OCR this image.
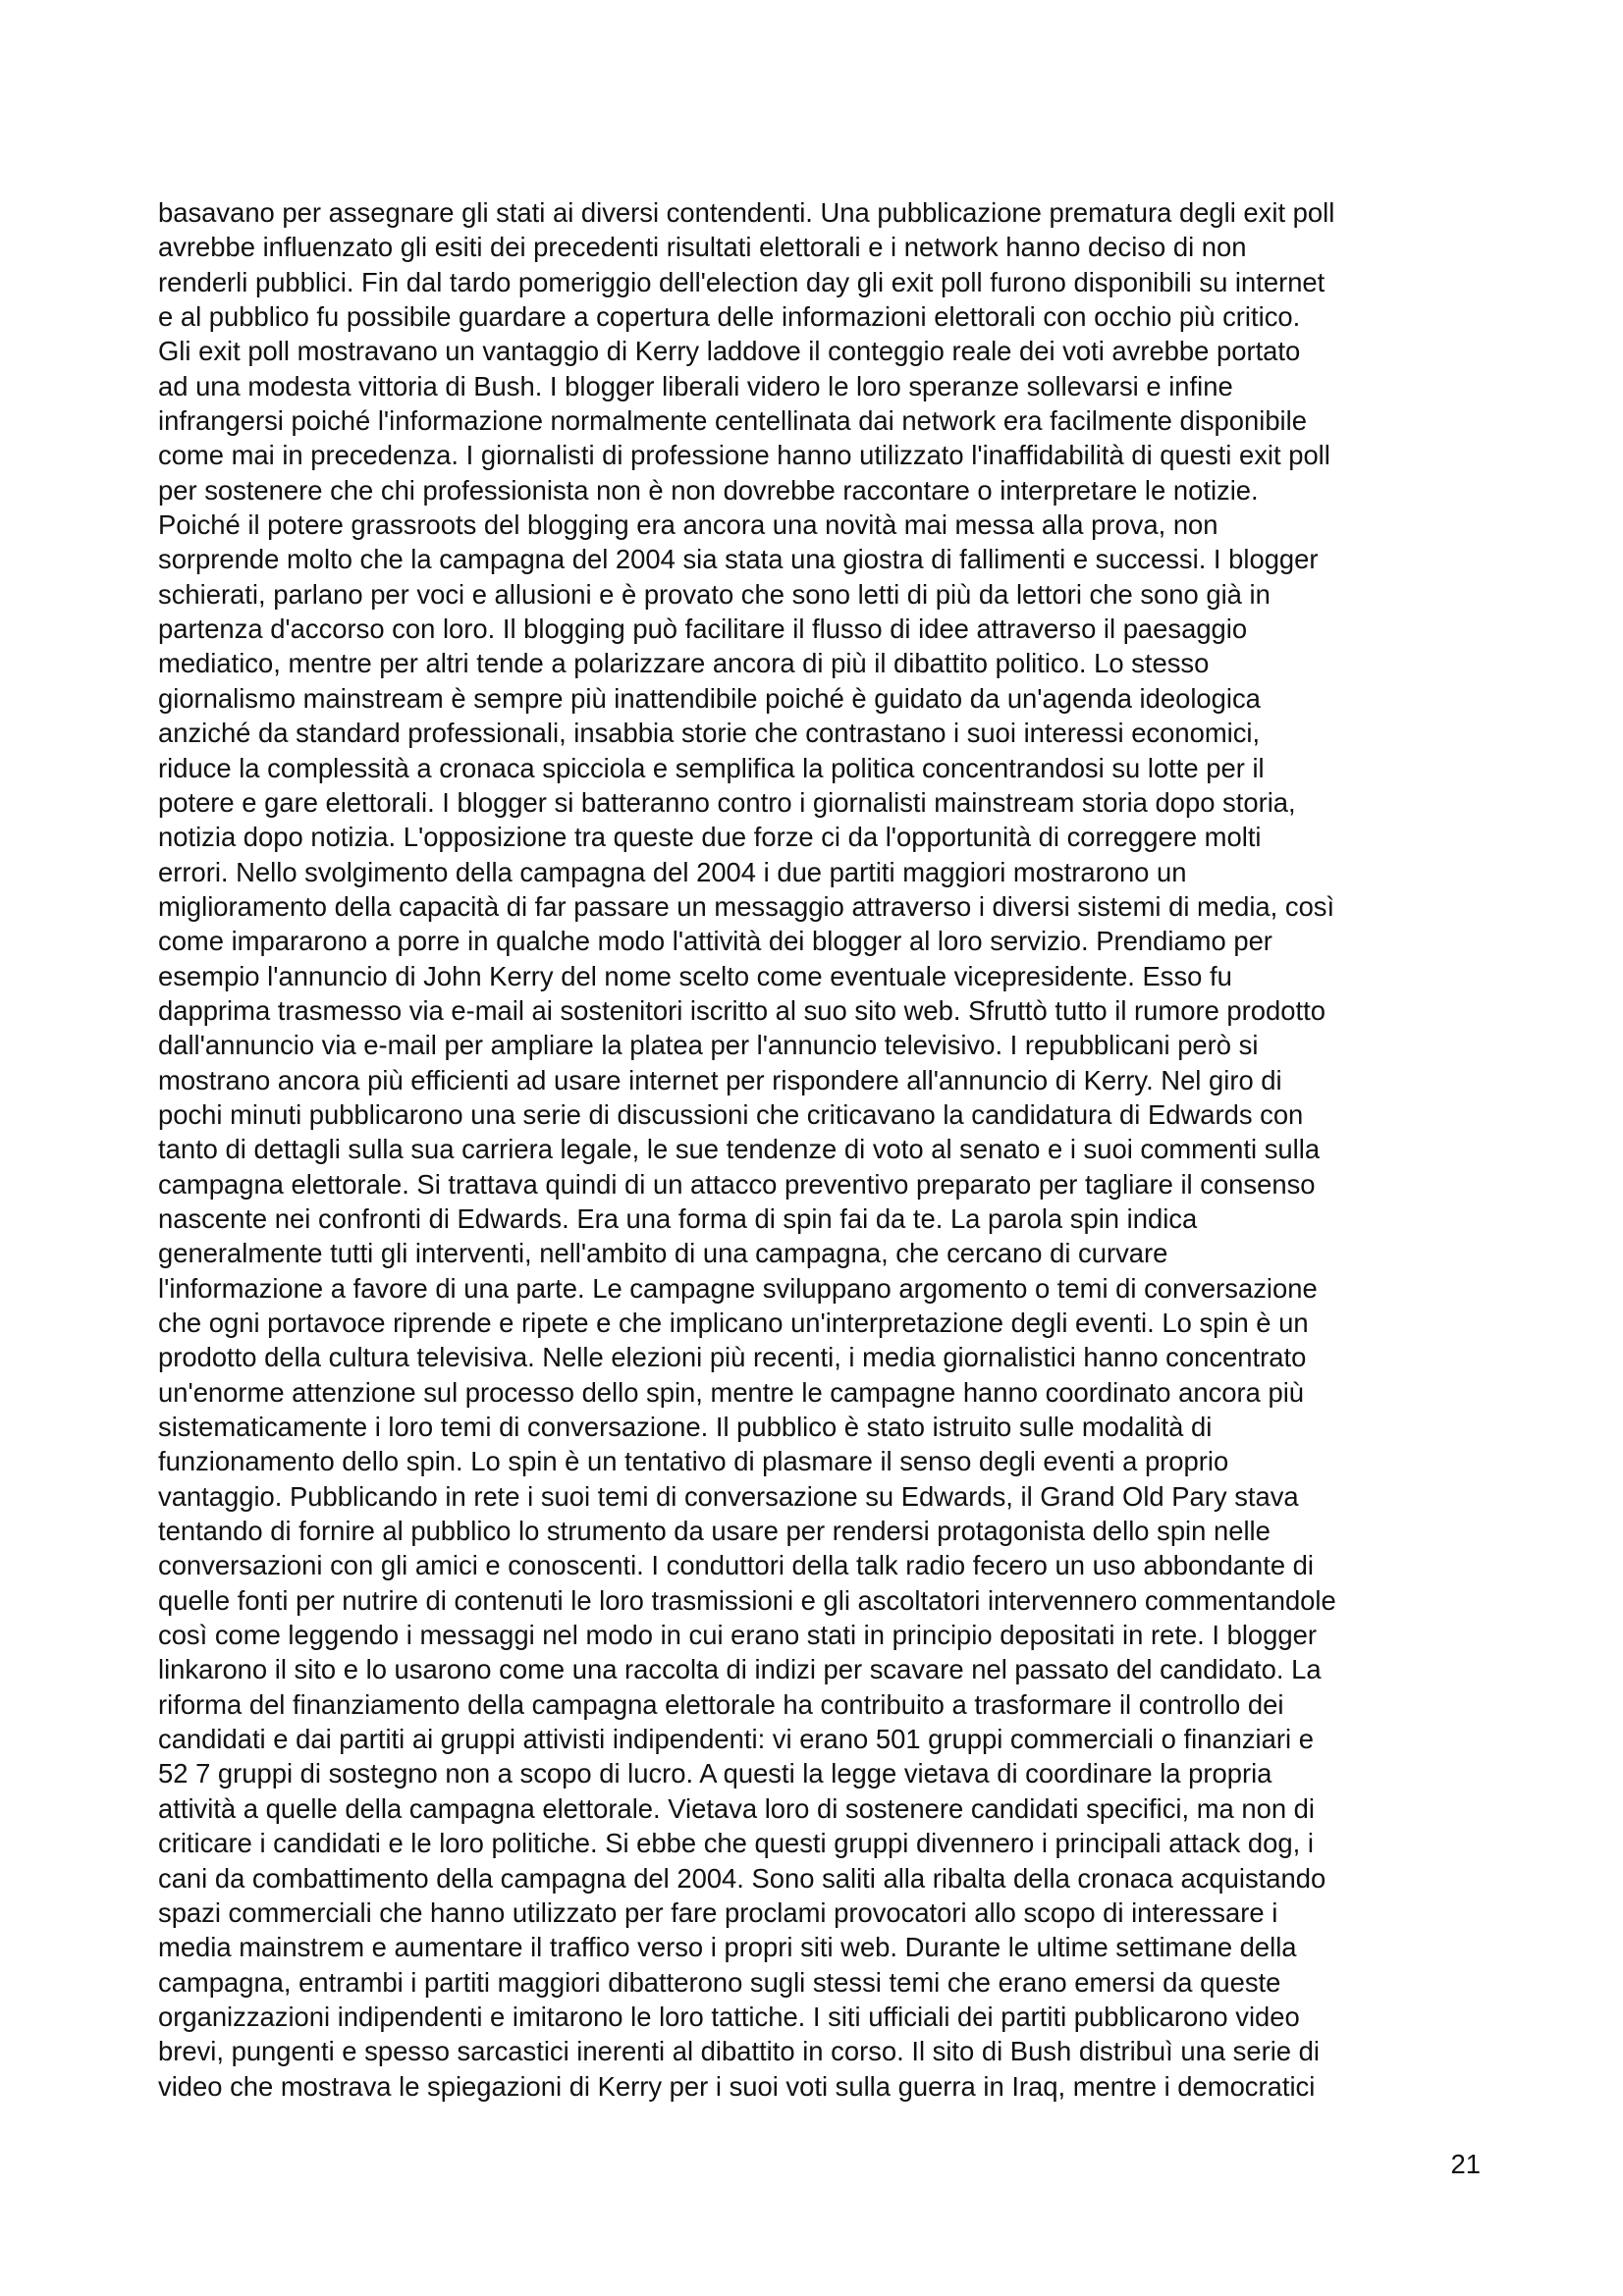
basavano per assegnare gli stati ai diversi contendenti. Una pubblicazione prematura degli exit poll
avrebbe influenzato gli esiti dei precedenti risultati elettorali e i network hanno deciso di non
renderli pubblici. Fin dal tardo pomeriggio dell'election day gli exit poll furono disponibili su internet
e al pubblico fu possibile guardare a copertura delle informazioni elettorali con occhio più critico.
Gli exit poll mostravano un vantaggio di Kerry laddove il conteggio reale dei voti avrebbe portato
ad una modesta vittoria di Bush. I blogger liberali videro le loro speranze sollevarsi e infine
infrangersi poiché l'informazione normalmente centellinata dai network era facilmente disponibile
come mai in precedenza. I giornalisti di professione hanno utilizzato l'inaffidabilità di questi exit poll
per sostenere che chi professionista non è non dovrebbe raccontare o interpretare le notizie.
Poiché il potere grassroots del blogging era ancora una novità mai messa alla prova, non
sorprende molto che la campagna del 2004 sia stata una giostra di fallimenti e successi. I blogger
schierati, parlano per voci e allusioni e è provato che sono letti di più da lettori che sono già in
partenza d'accorso con loro. Il blogging può facilitare il flusso di idee attraverso il paesaggio
mediatico, mentre per altri tende a polarizzare ancora di più il dibattito politico. Lo stesso
giornalismo mainstream è sempre più inattendibile poiché è guidato da un'agenda ideologica
anziché da standard professionali, insabbia storie che contrastano i suoi interessi economici,
riduce la complessità a cronaca spicciola e semplifica la politica concentrandosi su lotte per il
potere e gare elettorali. I blogger si batteranno contro i giornalisti mainstream storia dopo storia,
notizia dopo notizia. L'opposizione tra queste due forze ci da l'opportunità di correggere molti
errori. Nello svolgimento della campagna del 2004 i due partiti maggiori mostrarono un
miglioramento della capacità di far passare un messaggio attraverso i diversi sistemi di media, così
come impararono a porre in qualche modo l'attività dei blogger al loro servizio. Prendiamo per
esempio l'annuncio di John Kerry del nome scelto come eventuale vicepresidente. Esso fu
dapprima trasmesso via e-mail ai sostenitori iscritto al suo sito web. Sfruttò tutto il rumore prodotto
dall'annuncio via e-mail per ampliare la platea per l'annuncio televisivo. I repubblicani però si
mostrano ancora più efficienti ad usare internet per rispondere all'annuncio di Kerry. Nel giro di
pochi minuti pubblicarono una serie di discussioni che criticavano la candidatura di Edwards con
tanto di dettagli sulla sua carriera legale, le sue tendenze di voto al senato e i suoi commenti sulla
campagna elettorale. Si trattava quindi di un attacco preventivo preparato per tagliare il consenso
nascente nei confronti di Edwards. Era una forma di spin fai da te. La parola spin indica
generalmente tutti gli interventi, nell'ambito di una campagna, che cercano di curvare
l'informazione a favore di una parte. Le campagne sviluppano argomento o temi di conversazione
che ogni portavoce riprende e ripete e che implicano un'interpretazione degli eventi. Lo spin è un
prodotto della cultura televisiva. Nelle elezioni più recenti, i media giornalistici hanno concentrato
un'enorme attenzione sul processo dello spin, mentre le campagne hanno coordinato ancora più
sistematicamente i loro temi di conversazione. Il pubblico è stato istruito sulle modalità di
funzionamento dello spin. Lo spin è un tentativo di plasmare il senso degli eventi a proprio
vantaggio. Pubblicando in rete i suoi temi di conversazione su Edwards, il Grand Old Pary stava
tentando di fornire al pubblico lo strumento da usare per rendersi protagonista dello spin nelle
conversazioni con gli amici e conoscenti. I conduttori della talk radio fecero un uso abbondante di
quelle fonti per nutrire di contenuti le loro trasmissioni e gli ascoltatori intervennero commentandole
così come leggendo i messaggi nel modo in cui erano stati in principio depositati in rete. I blogger
linkarono il sito e lo usarono come una raccolta di indizi per scavare nel passato del candidato. La
riforma del finanziamento della campagna elettorale ha contribuito a trasformare il controllo dei
candidati e dai partiti ai gruppi attivisti indipendenti: vi erano 501 gruppi commerciali o finanziari e
52 7 gruppi di sostegno non a scopo di lucro. A questi la legge vietava di coordinare la propria
attività a quelle della campagna elettorale. Vietava loro di sostenere candidati specifici, ma non di
criticare i candidati e le loro politiche. Si ebbe che questi gruppi divennero i principali attack dog, i
cani da combattimento della campagna del 2004. Sono saliti alla ribalta della cronaca acquistando
spazi commerciali che hanno utilizzato per fare proclami provocatori allo scopo di interessare i
media mainstrem e aumentare il traffico verso i propri siti web. Durante le ultime settimane della
campagna, entrambi i partiti maggiori dibatterono sugli stessi temi che erano emersi da queste
organizzazioni indipendenti e imitarono le loro tattiche. I siti ufficiali dei partiti pubblicarono video
brevi, pungenti e spesso sarcastici inerenti al dibattito in corso. Il sito di Bush distribuì una serie di
video che mostrava le spiegazioni di Kerry per i suoi voti sulla guerra in Iraq, mentre i democratici
21
